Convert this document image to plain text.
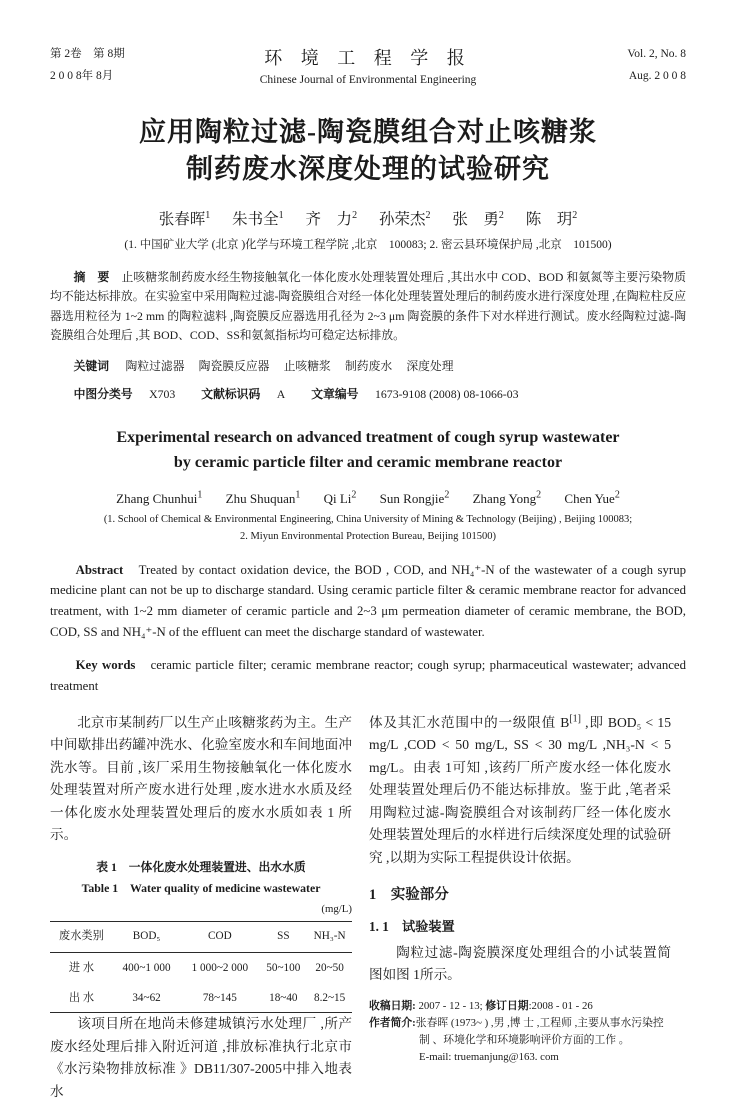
第 2卷　第 8期
2 0 0 8年 8月
环 境 工 程 学 报
Chinese Journal of Environmental Engineering
Vol. 2, No. 8
Aug. 2 0 0 8
应用陶粒过滤-陶瓷膜组合对止咳糖浆
制药废水深度处理的试验研究
张春晖$^1$ 朱书全$^1$ 齐　力$^2$ 孙荣杰$^2$ 张　勇$^2$ 陈　玥$^2$
(1. 中国矿业大学 (北京 )化学与环境工程学院 ,北京　100083; 2. 密云县环境保护局 ,北京　101500)

摘　要　止咳糖浆制药废水经生物接触氧化一体化废水处理装置处理后 ,其出水中 COD、BOD 和氨氮等主要污染物质均不能达标排放。在实验室中采用陶粒过滤-陶瓷膜组合对经一体化处理装置处理后的制药废水进行深度处理 ,在陶粒柱反应器选用粒径为 1~2 mm 的陶粒滤料 ,陶瓷膜反应器选用孔径为 2~3 μm 陶瓷膜的条件下对水样进行测试。废水经陶粒过滤-陶瓷膜组合处理后 ,其 BOD、COD、SS和氨氮指标均可稳定达标排放。

关键词 陶粒过滤器 陶瓷膜反应器 止咳糖浆 制药废水 深度处理

中图分类号 X703 文献标识码 A 文章编号 1673-9108 (2008) 08-1066-03

Experimental research on advanced treatment of cough syrup wastewater
by ceramic particle filter and ceramic membrane reactor
Zhang Chunhui$^1$ Zhu Shuquan$^1$ Qi Li$^2$ Sun Rongjie$^2$ Zhang Yong$^2$ Chen Yue$^2$
(1. School of Chemical & Environmental Engineering, China University of Mining & Technology (Beijing) , Beijing 100083;
2. Miyun Environmental Protection Bureau, Beijing 101500)

Abstract　Treated by contact oxidation device, the BOD , COD, and NH₄⁺-N of the wastewater of a cough syrup medicine plant can not be up to discharge standard. Using ceramic particle filter & ceramic membrane reactor for advanced treatment, with 1~2 mm diameter of ceramic particle and 2~3 μm permeation diameter of ceramic membrane, the BOD, COD, SS and NH₄⁺-N of the effluent can meet the discharge standard of wastewater.

Key words　ceramic particle filter; ceramic membrane reactor; cough syrup; pharmaceutical wastewater; advanced treatment

北京市某制药厂以生产止咳糖浆药为主。生产中间歇排出药罐冲洗水、化验室废水和车间地面冲洗水等。目前 ,该厂采用生物接触氧化一体化废水处理装置对所产废水进行处理 ,废水进水水质及经一体化废水处理装置处理后的废水水质如表 1 所示。

表 1　一体化废水处理装置进、出水水质
Table 1　Water quality of medicine wastewater
(mg/L)
废水类别	BOD₅	COD	SS	NH₃-N
进 水	400~1 000	1 000~2 000	50~100	20~50
出 水	34~62	78~145	18~40	8.2~15

该项目所在地尚未修建城镇污水处理厂 ,所产废水经处理后排入附近河道 ,排放标准执行北京市《水污染物排放标准 》DB11/307-2005中排入地表水

体及其汇水范围中的一级限值 B[1] ,即 BOD₅ < 15 mg/L ,COD < 50 mg/L, SS < 30 mg/L ,NH₃-N < 5 mg/L。由表 1可知 ,该药厂所产废水经一体化废水处理装置处理后仍不能达标排放。鉴于此 ,笔者采用陶粒过滤-陶瓷膜组合对该制药厂经一体化废水处理装置处理后的水样进行后续深度处理的试验研究 ,以期为实际工程提供设计依据。

1　实验部分
1. 1　试验装置

陶粒过滤-陶瓷膜深度处理组合的小试装置简图如图 1所示。

收稿日期: 2007 - 12 - 13; 修订日期:2008 - 01 - 26
作者简介:张春晖 (1973~ ) ,男 ,博 士 ,工程师 ,主要从事水污染控制 、环境化学和环境影响评价方面的工作 。
E-mail: truemanjung@163. com
